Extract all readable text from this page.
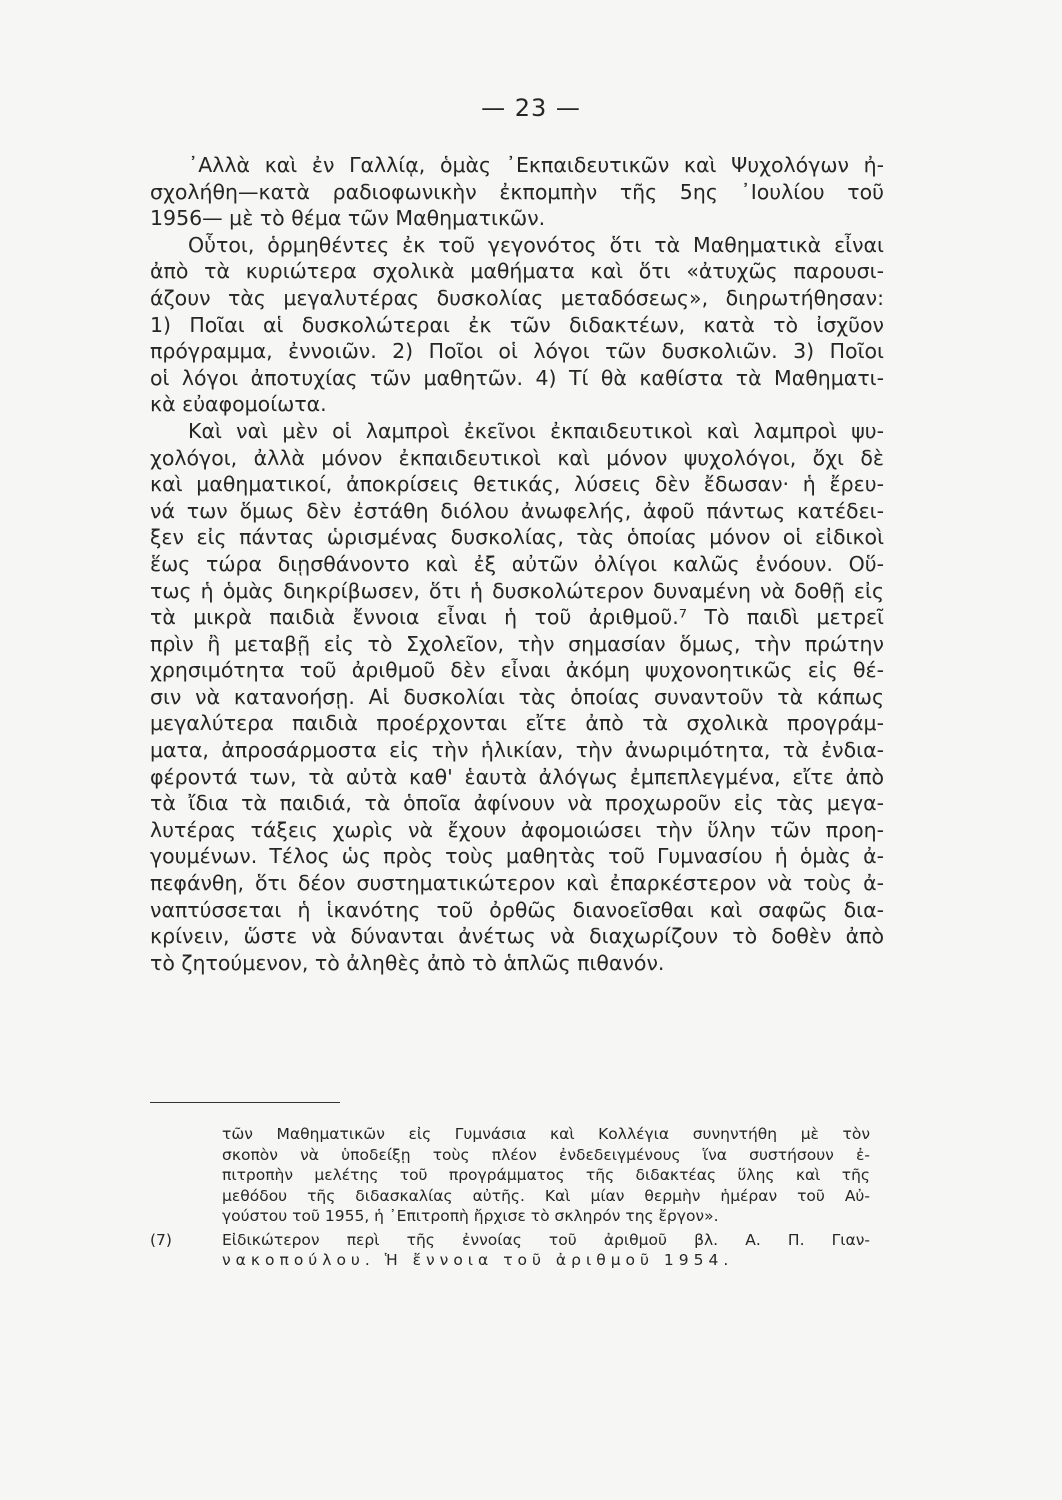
— 23 —
᾿Αλλὰ καὶ ἐν Γαλλίᾳ, ὁμὰς ᾿Εκπαιδευτικῶν καὶ Ψυχολόγων ἠ-
σχολήθη—κατὰ ραδιοφωνικὴν ἐκπομπὴν τῆς 5ης ᾿Ιουλίου τοῦ
1956— μὲ τὸ θέμα τῶν Μαθηματικῶν.
Οὗτοι, ὁρμηθέντες ἐκ τοῦ γεγονότος ὅτι τὰ Μαθηματικὰ εἶναι
ἀπὸ τὰ κυριώτερα σχολικὰ μαθήματα καὶ ὅτι «ἀτυχῶς παρουσι-
άζουν τὰς μεγαλυτέρας δυσκολίας μεταδόσεως», διηρωτήθησαν:
1) Ποῖαι αἱ δυσκολώτεραι ἐκ τῶν διδακτέων, κατὰ τὸ ἰσχῦον
πρόγραμμα, ἐννοιῶν. 2) Ποῖοι οἱ λόγοι τῶν δυσκολιῶν. 3) Ποῖοι
οἱ λόγοι ἀποτυχίας τῶν μαθητῶν. 4) Τί θὰ καθίστα τὰ Μαθηματι-
κὰ εὐαφομοίωτα.
Καὶ ναὶ μὲν οἱ λαμπροὶ ἐκεῖνοι ἐκπαιδευτικοὶ καὶ λαμπροὶ ψυ-
χολόγοι, ἀλλὰ μόνον ἐκπαιδευτικοὶ καὶ μόνον ψυχολόγοι, ὄχι δὲ
καὶ μαθηματικοί, ἀποκρίσεις θετικάς, λύσεις δὲν ἔδωσαν· ἡ ἔρευ-
νά των ὅμως δὲν ἐστάθη διόλου ἀνωφελής, ἀφοῦ πάντως κατέδει-
ξεν εἰς πάντας ὡρισμένας δυσκολίας, τὰς ὁποίας μόνον οἱ εἰδικοὶ
ἕως τώρα διῃσθάνοντο καὶ ἐξ αὐτῶν ὀλίγοι καλῶς ἐνόουν. Οὕ-
τως ἡ ὁμὰς διηκρίβωσεν, ὅτι ἡ δυσκολώτερον δυναμένη νὰ δοθῇ εἰς
τὰ μικρὰ παιδιὰ ἔννοια εἶναι ἡ τοῦ ἀριθμοῦ.⁷ Τὸ παιδὶ μετρεῖ
πρὶν ἢ μεταβῇ εἰς τὸ Σχολεῖον, τὴν σημασίαν ὅμως, τὴν πρώτην
χρησιμότητα τοῦ ἀριθμοῦ δὲν εἶναι ἀκόμη ψυχονοητικῶς εἰς θέ-
σιν νὰ κατανοήσῃ. Αἱ δυσκολίαι τὰς ὁποίας συναντοῦν τὰ κάπως
μεγαλύτερα παιδιὰ προέρχονται εἴτε ἀπὸ τὰ σχολικὰ προγράμ-
ματα, ἀπροσάρμοστα εἰς τὴν ἡλικίαν, τὴν ἀνωριμότητα, τὰ ἐνδια-
φέροντά των, τὰ αὐτὰ καθ' ἑαυτὰ ἀλόγως ἐμπεπλεγμένα, εἴτε ἀπὸ
τὰ ἴδια τὰ παιδιά, τὰ ὁποῖα ἀφίνουν νὰ προχωροῦν εἰς τὰς μεγα-
λυτέρας τάξεις χωρὶς νὰ ἔχουν ἀφομοιώσει τὴν ὕλην τῶν προη-
γουμένων. Τέλος ὡς πρὸς τοὺς μαθητὰς τοῦ Γυμνασίου ἡ ὁμὰς ἀ-
πεφάνθη, ὅτι δέον συστηματικώτερον καὶ ἐπαρκέστερον νὰ τοὺς ἀ-
ναπτύσσεται ἡ ἱκανότης τοῦ ὀρθῶς διανοεῖσθαι καὶ σαφῶς δια-
κρίνειν, ὥστε νὰ δύνανται ἀνέτως νὰ διαχωρίζουν τὸ δοθὲν ἀπὸ
τὸ ζητούμενον, τὸ ἀληθὲς ἀπὸ τὸ ἁπλῶς πιθανόν.
τῶν Μαθηματικῶν εἰς Γυμνάσια καὶ Κολλέγια συνηντήθη μὲ τὸν
σκοπὸν νὰ ὑποδείξῃ τοὺς πλέον ἐνδεδειγμένους ἵνα συστήσουν ἐ-
πιτροπὴν μελέτης τοῦ προγράμματος τῆς διδακτέας ὕλης καὶ τῆς
μεθόδου τῆς διδασκαλίας αὐτῆς. Καὶ μίαν θερμὴν ἡμέραν τοῦ Αὐ-
γούστου τοῦ 1955, ἡ ᾿Επιτροπὴ ἤρχισε τὸ σκληρόν της ἔργον».
(7)	Εἰδικώτερον περὶ τῆς ἐννοίας τοῦ ἀριθμοῦ βλ. Α. Π. Γιαν-
νακοπούλου. Ἡ ἔννοια τοῦ ἀριθμοῦ 1954.
